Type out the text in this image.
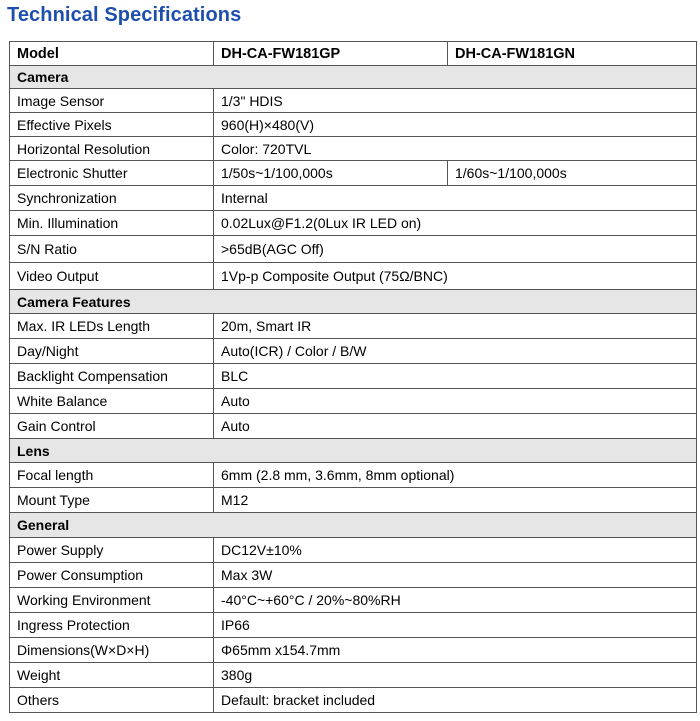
Technical Specifications
Model	DH-CA-FW181GP	DH-CA-FW181GN
Camera		
Image Sensor	1/3" HDIS	
Effective Pixels	960(H)×480(V)	
Horizontal Resolution	Color: 720TVL	
Electronic Shutter	1/50s~1/100,000s	1/60s~1/100,000s
Synchronization	Internal	
Min. Illumination	0.02Lux@F1.2(0Lux IR LED on)	
S/N Ratio	>65dB(AGC Off)	
Video Output	1Vp-p Composite Output (75Ω/BNC)	
Camera Features		
Max. IR LEDs Length	20m, Smart IR	
Day/Night	Auto(ICR) / Color / B/W	
Backlight Compensation	BLC	
White Balance	Auto	
Gain Control	Auto	
Lens		
Focal length	6mm (2.8 mm, 3.6mm, 8mm optional)	
Mount Type	M12	
General		
Power Supply	DC12V±10%	
Power Consumption	Max 3W	
Working Environment	-40°C~+60°C / 20%~80%RH	
Ingress Protection	IP66	
Dimensions(W×D×H)	Φ65mm x154.7mm	
Weight	380g	
Others	Default: bracket included	
